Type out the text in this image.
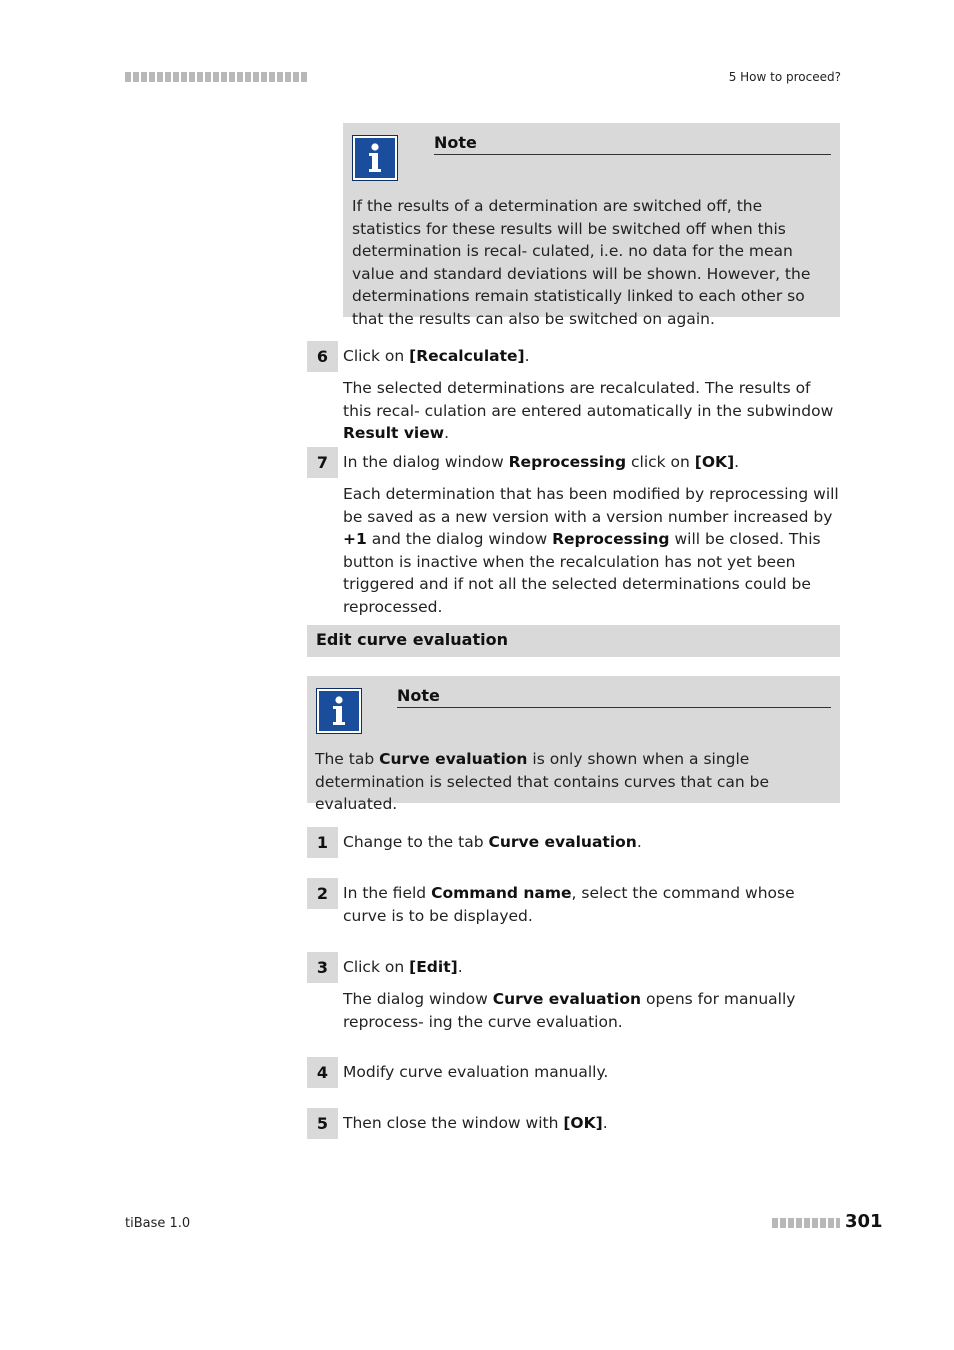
5 How to proceed?
Note
If the results of a determination are switched off, the statistics for these results will be switched off when this determination is recal- culated, i.e. no data for the mean value and standard deviations will be shown. However, the determinations remain statistically linked to each other so that the results can also be switched on again.
6 Click on [Recalculate].
The selected determinations are recalculated. The results of this recal- culation are entered automatically in the subwindow Result view.
7 In the dialog window Reprocessing click on [OK].
Each determination that has been modified by reprocessing will be saved as a new version with a version number increased by +1 and the dialog window Reprocessing will be closed. This button is inactive when the recalculation has not yet been triggered and if not all the selected determinations could be reprocessed.
Edit curve evaluation
Note
The tab Curve evaluation is only shown when a single determination is selected that contains curves that can be evaluated.
1 Change to the tab Curve evaluation.
2 In the field Command name, select the command whose curve is to be displayed.
3 Click on [Edit].
The dialog window Curve evaluation opens for manually reprocess- ing the curve evaluation.
4 Modify curve evaluation manually.
5 Then close the window with [OK].
tiBase 1.0	301
